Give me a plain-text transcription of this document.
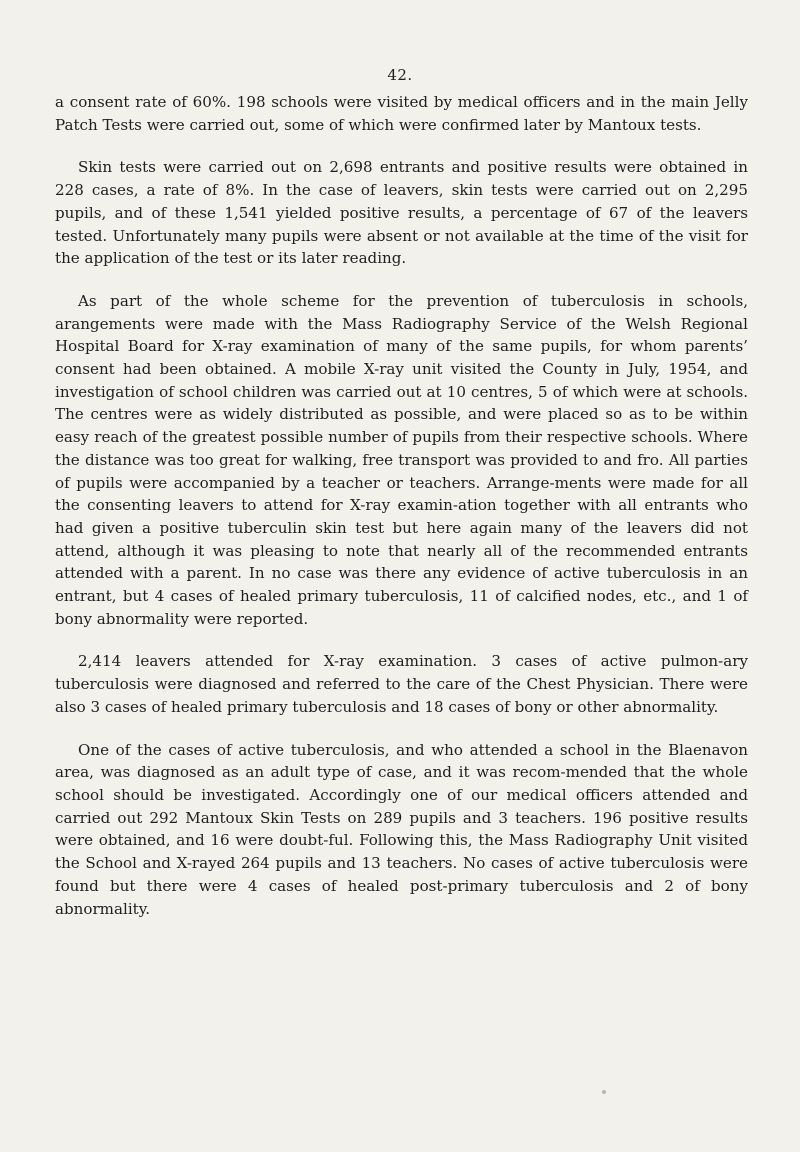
42.

a consent rate of 60%. 198 schools were visited by medical officers and in the main Jelly Patch Tests were carried out, some of which were confirmed later by Mantoux tests.

Skin tests were carried out on 2,698 entrants and positive results were obtained in 228 cases, a rate of 8%. In the case of leavers, skin tests were carried out on 2,295 pupils, and of these 1,541 yielded positive results, a percentage of 67 of the leavers tested. Unfortunately many pupils were absent or not available at the time of the visit for the application of the test or its later reading.

As part of the whole scheme for the prevention of tuberculosis in schools, arangements were made with the Mass Radiography Service of the Welsh Regional Hospital Board for X-ray examination of many of the same pupils, for whom parents’ consent had been obtained. A mobile X-ray unit visited the County in July, 1954, and investigation of school children was carried out at 10 centres, 5 of which were at schools. The centres were as widely distributed as possible, and were placed so as to be within easy reach of the greatest possible number of pupils from their respective schools. Where the distance was too great for walking, free transport was provided to and fro. All parties of pupils were accompanied by a teacher or teachers. Arrange-ments were made for all the consenting leavers to attend for X-ray examin-ation together with all entrants who had given a positive tuberculin skin test but here again many of the leavers did not attend, although it was pleasing to note that nearly all of the recommended entrants attended with a parent. In no case was there any evidence of active tuberculosis in an entrant, but 4 cases of healed primary tuberculosis, 11 of calcified nodes, etc., and 1 of bony abnormality were reported.

2,414 leavers attended for X-ray examination. 3 cases of active pulmon-ary tuberculosis were diagnosed and referred to the care of the Chest Physician. There were also 3 cases of healed primary tuberculosis and 18 cases of bony or other abnormality.

One of the cases of active tuberculosis, and who attended a school in the Blaenavon area, was diagnosed as an adult type of case, and it was recom-mended that the whole school should be investigated. Accordingly one of our medical officers attended and carried out 292 Mantoux Skin Tests on 289 pupils and 3 teachers. 196 positive results were obtained, and 16 were doubt-ful. Following this, the Mass Radiography Unit visited the School and X-rayed 264 pupils and 13 teachers. No cases of active tuberculosis were found but there were 4 cases of healed post-primary tuberculosis and 2 of bony abnormality.
